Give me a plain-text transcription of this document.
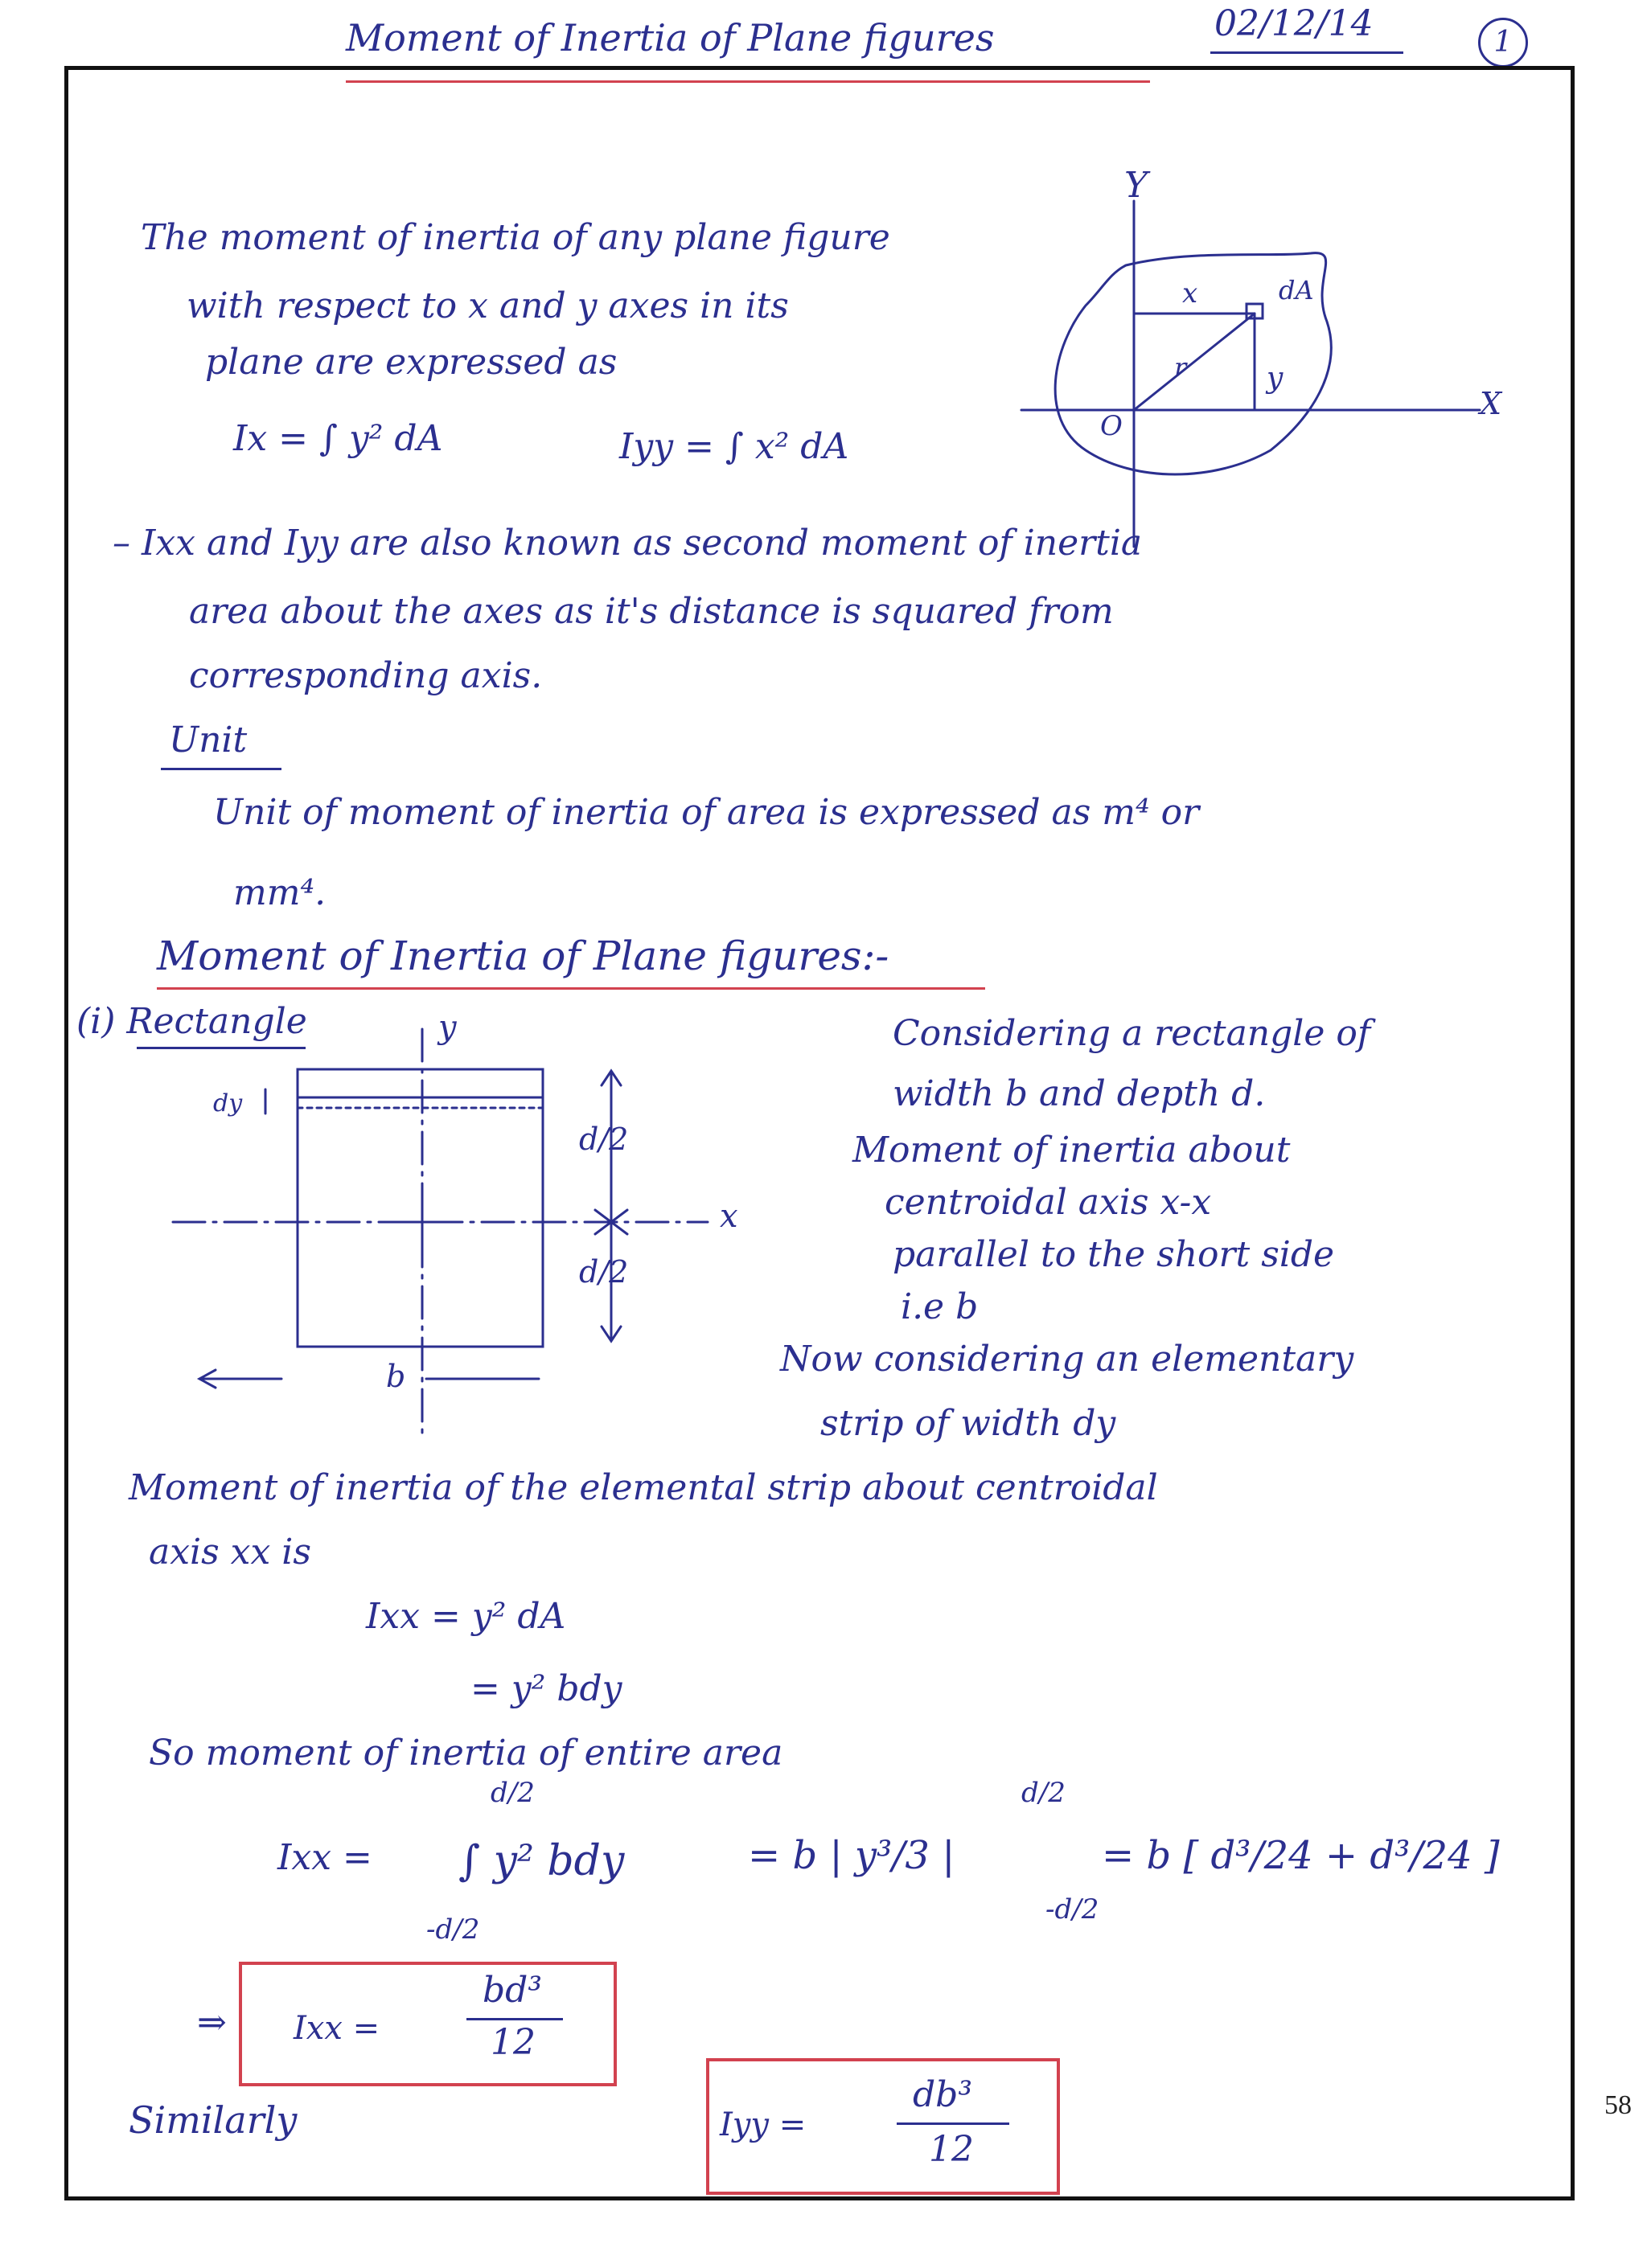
Moment of Inertia of Plane figures	02/12/14	1
The moment of inertia of any plane figure
with respect to x and y axes in its
plane are expressed as
Ix = ∫ y² dA	Iyy = ∫ x² dA
Y
X
O
dA
x
r	y
– Ixx and Iyy are also known as second moment of inertia
area about the axes as it's distance is squared from
corresponding axis.
Unit
Unit of moment of inertia of area is expressed as m⁴ or
mm⁴.
Moment of Inertia of Plane figures:-
(i) Rectangle	y
x
dy
d/2
d/2
b
Considering a rectangle of
width b and depth d.
Moment of inertia about
centroidal axis x-x
parallel to the short side
i.e b
Now considering an elementary
strip of width dy
Moment of inertia of the elemental strip about centroidal
axis xx is
Ixx = y² dA
= y² bdy
So moment of inertia of entire area
Ixx =
d/2
∫ y² bdy
-d/2
= b | y³/3 |
d/2
-d/2
= b [ d³/24 + d³/24 ]
⇒ Ixx =
bd³
12
Similarly	Iyy =
db³
12
58
